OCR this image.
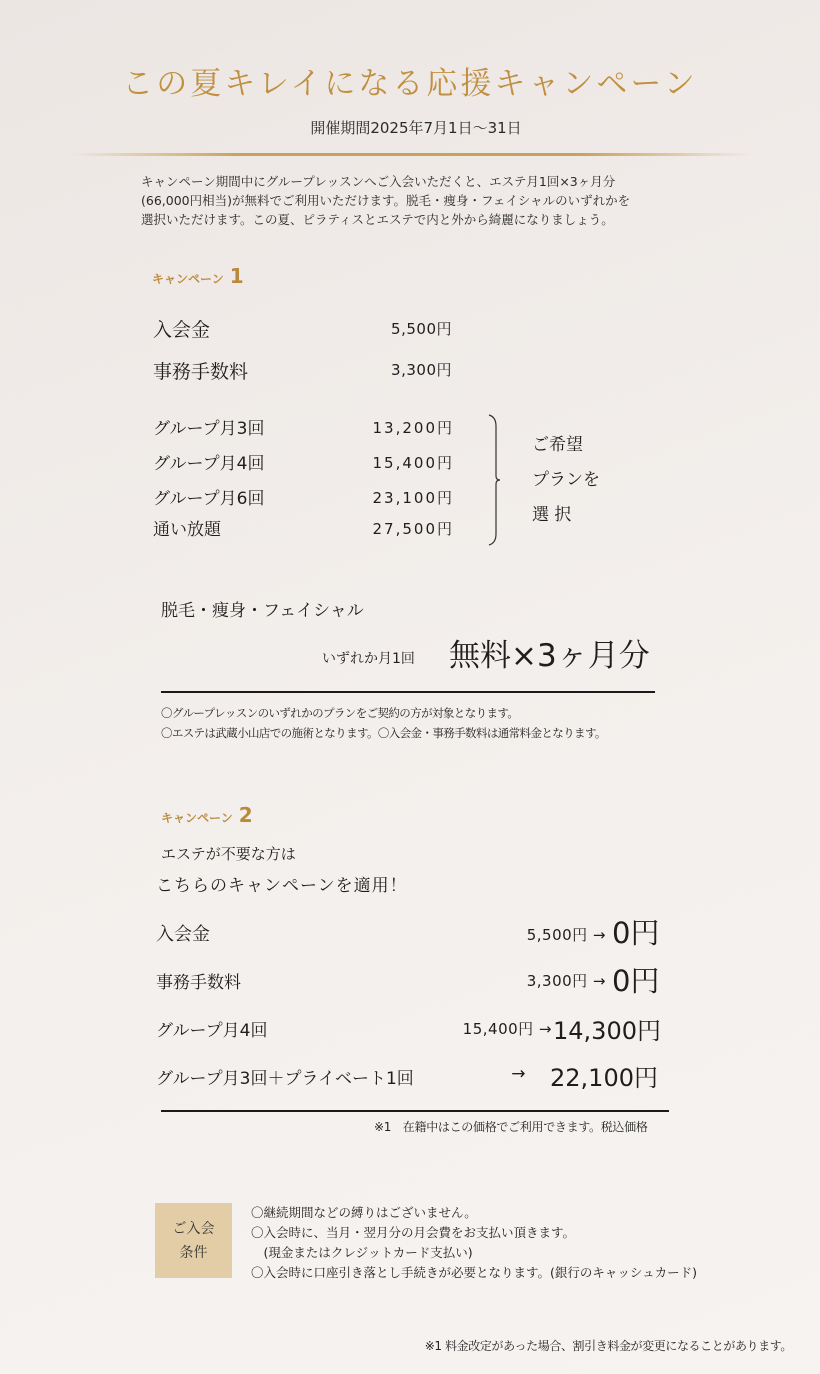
この夏キレイになる応援キャンペーン
開催期間2025年7月1日〜31日
キャンペーン期間中にグループレッスンへご入会いただくと、エステ月1回×3ヶ月分
(66,000円相当)が無料でご利用いただけます。脱毛・痩身・フェイシャルのいずれかを
選択いただけます。この夏、ピラティスとエステで内と外から綺麗になりましょう。
キャンペーン 1
入会金	5,500円
事務手数料	3,300円
グループ月3回	13,200円
グループ月4回	15,400円
グループ月6回	23,100円
通い放題	27,500円
ご希望
プランを
選 択
脱毛・痩身・フェイシャル
いずれか月1回 無料×3ヶ月分
〇グループレッスンのいずれかのプランをご契約の方が対象となります。
〇エステは武蔵小山店での施術となります。〇入会金・事務手数料は通常料金となります。
キャンペーン 2
エステが不要な方は
こちらのキャンペーンを適用！
入会金	5,500円 → 0円
事務手数料	3,300円 → 0円
グループ月4回	15,400円 → 14,300円
グループ月3回＋プライベート1回	→ 22,100円
※1　在籍中はこの価格でご利用できます。税込価格
ご入会
条件
〇継続期間などの縛りはございません。
〇入会時に、当月・翌月分の月会費をお支払い頂きます。
　(現金またはクレジットカード支払い)
〇入会時に口座引き落とし手続きが必要となります。(銀行のキャッシュカード)
※1 料金改定があった場合、割引き料金が変更になることがあります。
